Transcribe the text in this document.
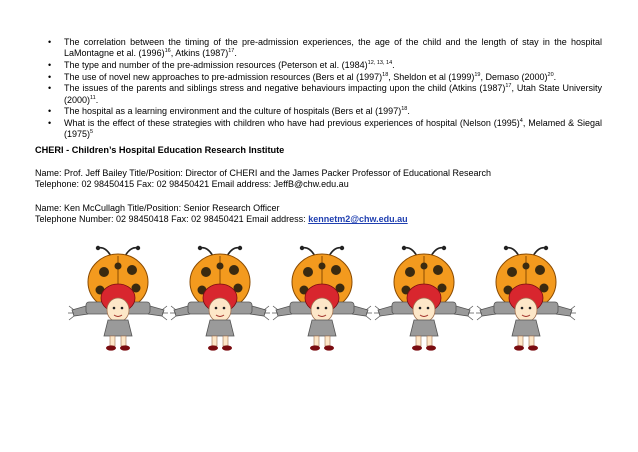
• The correlation between the timing of the pre-admission experiences, the age of the child and the length of stay in the hospital LaMontagne et al. $(1996)^{16}$, Atkins $(1987)^{17}$.
• The type and number of the pre-admission resources (Peterson et al. $(1984)^{12, 13, 14}$.
• The use of novel new approaches to pre-admission resources (Bers et al $(1997)^{18}$, Sheldon et al $(1999)^{19}$, Demaso $(2000)^{20}$.
• The issues of the parents and siblings stress and negative behaviours impacting upon the child (Atkins $(1987)^{17}$, Utah State University $(2000)^{11}$.
• The hospital as a learning environment and the culture of hospitals (Bers et al $(1997)^{18}$.
• What is the effect of these strategies with children who have had previous experiences of hospital (Nelson $(1995)^4$, Melamed & Siegal $(1975)^5$

CHERI - Children’s Hospital Education Research Institute

Name: Prof. Jeff Bailey Title/Position: Director of CHERI and the James Packer Professor of Educational Research

Telephone: 02 98450415 Fax: 02 98450421 Email address: JeffB@chw.edu.au

Name: Ken McCullagh Title/Position: Senior Research Officer

Telephone Number: 02 98450418 Fax: 02 98450421 Email address: kennetm2@chw.edu.au
